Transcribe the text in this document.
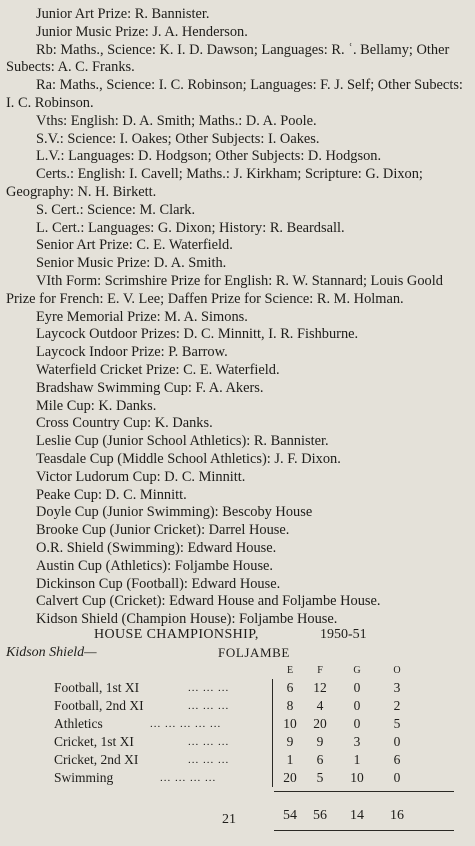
Junior Art Prize: R. Bannister.
Junior Music Prize: J. A. Henderson.
Rb: Maths., Science: K. I. D. Dawson; Languages: R. ʿ. Bellamy; Other Subects: A. C. Franks.
Ra: Maths., Science: I. C. Robinson; Languages: F. J. Self; Other Subects: I. C. Robinson.
Vths: English: D. A. Smith; Maths.: D. A. Poole.
S.V.: Science: I. Oakes; Other Subjects: I. Oakes.
L.V.: Languages: D. Hodgson; Other Subjects: D. Hodgson.
Certs.: English: I. Cavell; Maths.: J. Kirkham; Scripture: G. Dixon; Geography: N. H. Birkett.
S. Cert.: Science: M. Clark.
L. Cert.: Languages: G. Dixon; History: R. Beardsall.
Senior Art Prize: C. E. Waterfield.
Senior Music Prize: D. A. Smith.
VIth Form: Scrimshire Prize for English: R. W. Stannard; Louis Goold Prize for French: E. V. Lee; Daffen Prize for Science: R. M. Holman.
Eyre Memorial Prize: M. A. Simons.
Laycock Outdoor Prizes: D. C. Minnitt, I. R. Fishburne.
Laycock Indoor Prize: P. Barrow.
Waterfield Cricket Prize: C. E. Waterfield.
Bradshaw Swimming Cup: F. A. Akers.
Mile Cup: K. Danks.
Cross Country Cup: K. Danks.
Leslie Cup (Junior School Athletics): R. Bannister.
Teasdale Cup (Middle School Athletics): J. F. Dixon.
Victor Ludorum Cup: D. C. Minnitt.
Peake Cup: D. C. Minnitt.
Doyle Cup (Junior Swimming): Bescoby House
Brooke Cup (Junior Cricket): Darrel House.
O.R. Shield (Swimming): Edward House.
Austin Cup (Athletics): Foljambe House.
Dickinson Cup (Football): Edward House.
Calvert Cup (Cricket): Edward House and Foljambe House.
Kidson Shield (Champion House): Foljambe House.
HOUSE CHAMPIONSHIP,	1950-51
Kidson Shield—	FOLJAMBE
E	F	G	O
Football, 1st XI	... ... ...	6	12	0	3
Football, 2nd XI	... ... ...	8	4	0	2
Athletics	... ... ... ... ...	10	20	0	5
Cricket, 1st XI	... ... ...	9	9	3	0
Cricket, 2nd XI	... ... ...	1	6	1	6
Swimming	... ... ... ...	20	5	10	0
54	56	14	16
21
